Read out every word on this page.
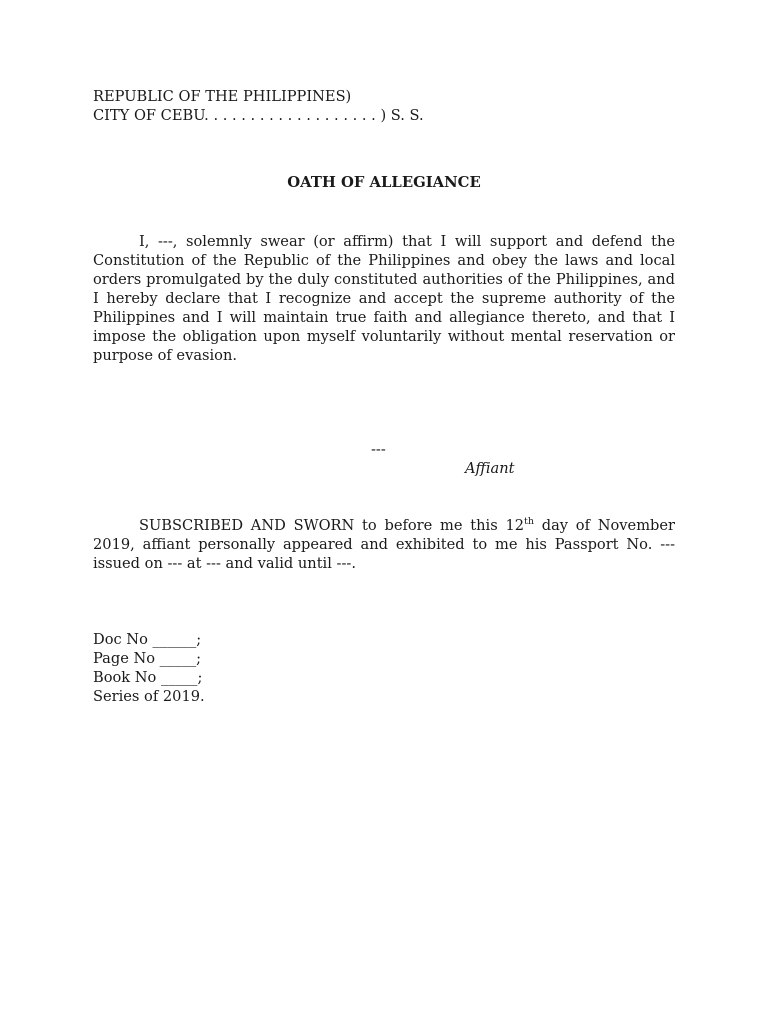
REPUBLIC OF THE PHILIPPINES)
CITY OF CEBU. . . . . . . . . . . . . . . . . . . ) S. S.
OATH OF ALLEGIANCE
I, ---, solemnly swear (or affirm) that I will support and defend the Constitution of the Republic of the Philippines and obey the laws and local orders promulgated by the duly constituted authorities of the Philippines, and I hereby declare that I recognize and accept the supreme authority of the Philippines and I will maintain true faith and allegiance thereto, and that I impose the obligation upon myself voluntarily without mental reservation or purpose of evasion.
---
Affiant
SUBSCRIBED AND SWORN to before me this 12th day of November 2019, affiant personally appeared and exhibited to me his Passport No. --- issued on --- at --- and valid until ---.
Doc No ______;
Page No _____;
Book No _____;
Series of 2019.
